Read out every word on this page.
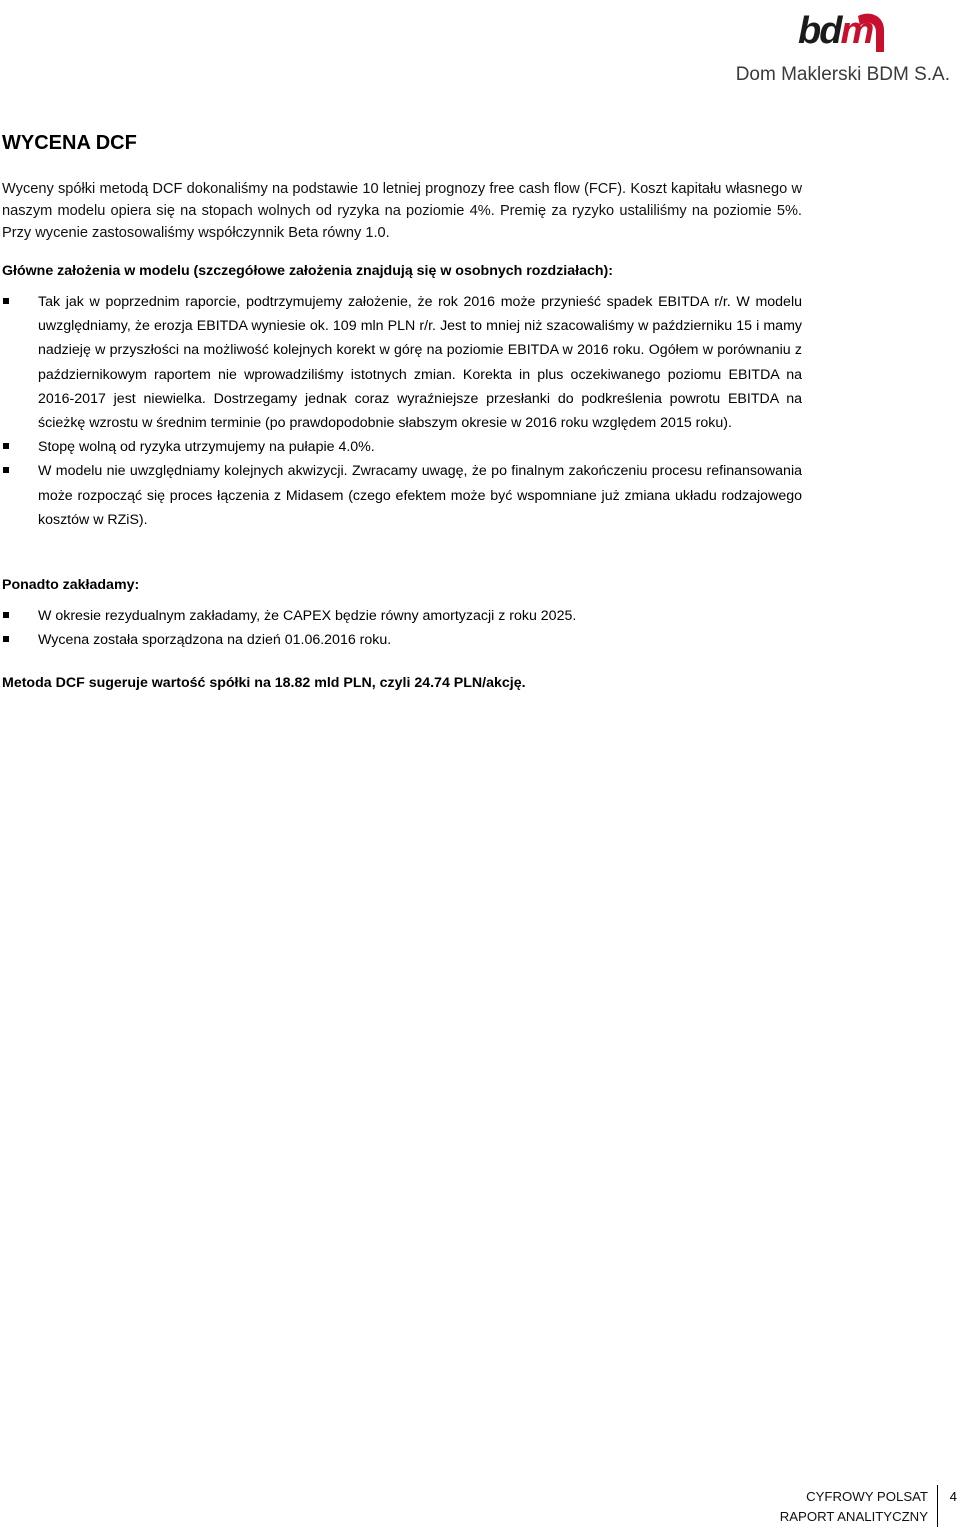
bdm
Dom Maklerski BDM S.A.
WYCENA DCF

Wyceny spółki metodą DCF dokonaliśmy na podstawie 10 letniej prognozy free cash flow (FCF). Koszt kapitału własnego w naszym modelu opiera się na stopach wolnych od ryzyka na poziomie 4%. Premię za ryzyko ustaliliśmy na poziomie 5%. Przy wycenie zastosowaliśmy współczynnik Beta równy 1.0.

Główne założenia w modelu (szczegółowe założenia znajdują się w osobnych rozdziałach):

Tak jak w poprzednim raporcie, podtrzymujemy założenie, że rok 2016 może przynieść spadek EBITDA r/r. W modelu uwzględniamy, że erozja EBITDA wyniesie ok. 109 mln PLN r/r. Jest to mniej niż szacowaliśmy w październiku 15 i mamy nadzieję w przyszłości na możliwość kolejnych korekt w górę na poziomie EBITDA w 2016 roku. Ogółem w porównaniu z październikowym raportem nie wprowadziliśmy istotnych zmian. Korekta in plus oczekiwanego poziomu EBITDA na 2016-2017 jest niewielka. Dostrzegamy jednak coraz wyraźniejsze przesłanki do podkreślenia powrotu EBITDA na ścieżkę wzrostu w średnim terminie (po prawdopodobnie słabszym okresie w 2016 roku względem 2015 roku).
Stopę wolną od ryzyka utrzymujemy na pułapie 4.0%.
W modelu nie uwzględniamy kolejnych akwizycji. Zwracamy uwagę, że po finalnym zakończeniu procesu refinansowania może rozpocząć się proces łączenia z Midasem (czego efektem może być wspomniane już zmiana układu rodzajowego kosztów w RZiS).

Ponadto zakładamy:

W okresie rezydualnym zakładamy, że CAPEX będzie równy amortyzacji z roku 2025.
Wycena została sporządzona na dzień 01.06.2016 roku.

Metoda DCF sugeruje wartość spółki na 18.82 mld PLN, czyli 24.74 PLN/akcję.

CYFROWY POLSAT
RAPORT ANALITYCZNY
4
